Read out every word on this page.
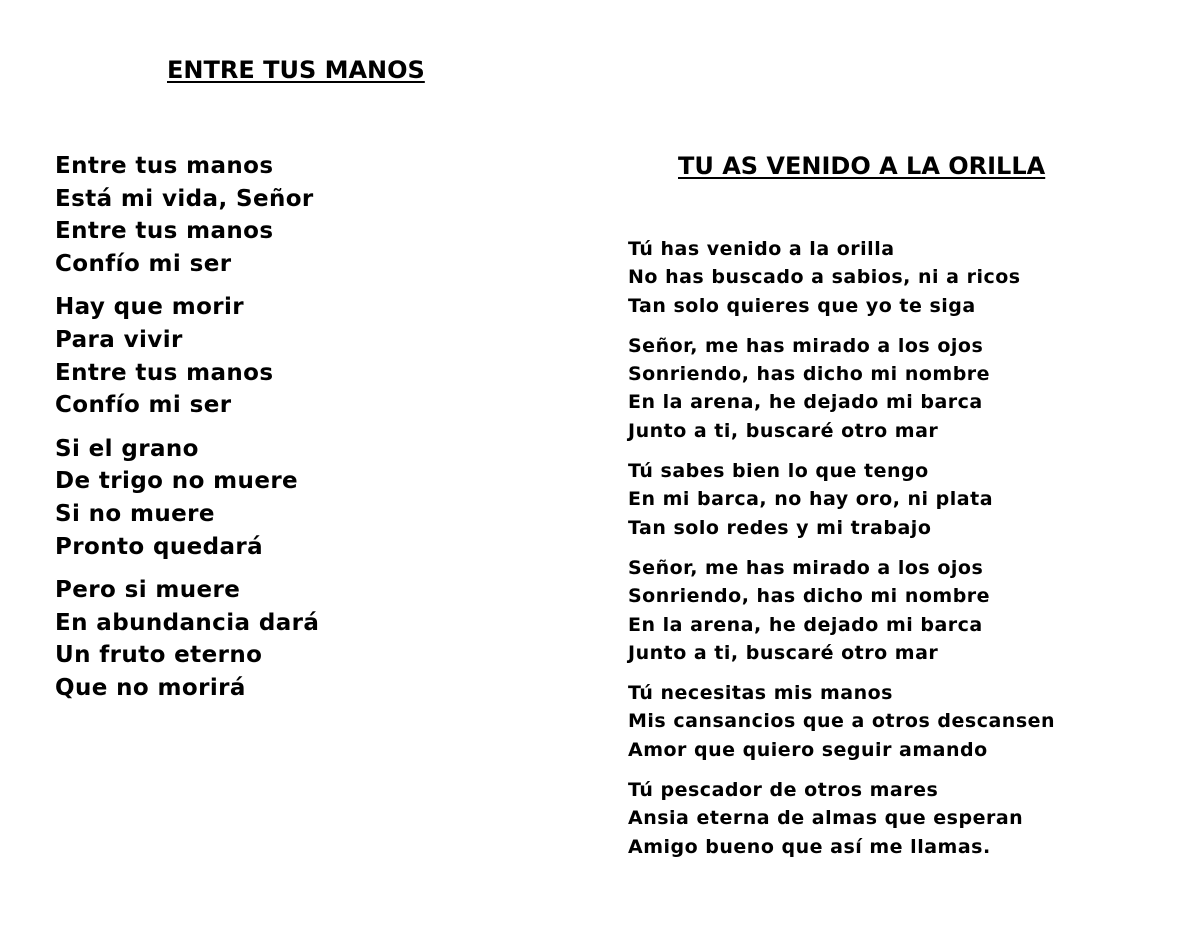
ENTRE TUS MANOS

Entre tus manos
Está mi vida, Señor
Entre tus manos
Confío mi ser

Hay que morir
Para vivir
Entre tus manos
Confío mi ser

Si el grano
De trigo no muere
Si no muere
Pronto quedará

Pero si muere
En abundancia dará
Un fruto eterno
Que no morirá

TU AS VENIDO A LA ORILLA

Tú has venido a la orilla
No has buscado a sabios, ni a ricos
Tan solo quieres que yo te siga

Señor, me has mirado a los ojos
Sonriendo, has dicho mi nombre
En la arena, he dejado mi barca
Junto a ti, buscaré otro mar

Tú sabes bien lo que tengo
En mi barca, no hay oro, ni plata
Tan solo redes y mi trabajo

Señor, me has mirado a los ojos
Sonriendo, has dicho mi nombre
En la arena, he dejado mi barca
Junto a ti, buscaré otro mar

Tú necesitas mis manos
Mis cansancios que a otros descansen
Amor que quiero seguir amando

Tú pescador de otros mares
Ansia eterna de almas que esperan
Amigo bueno que así me llamas.
